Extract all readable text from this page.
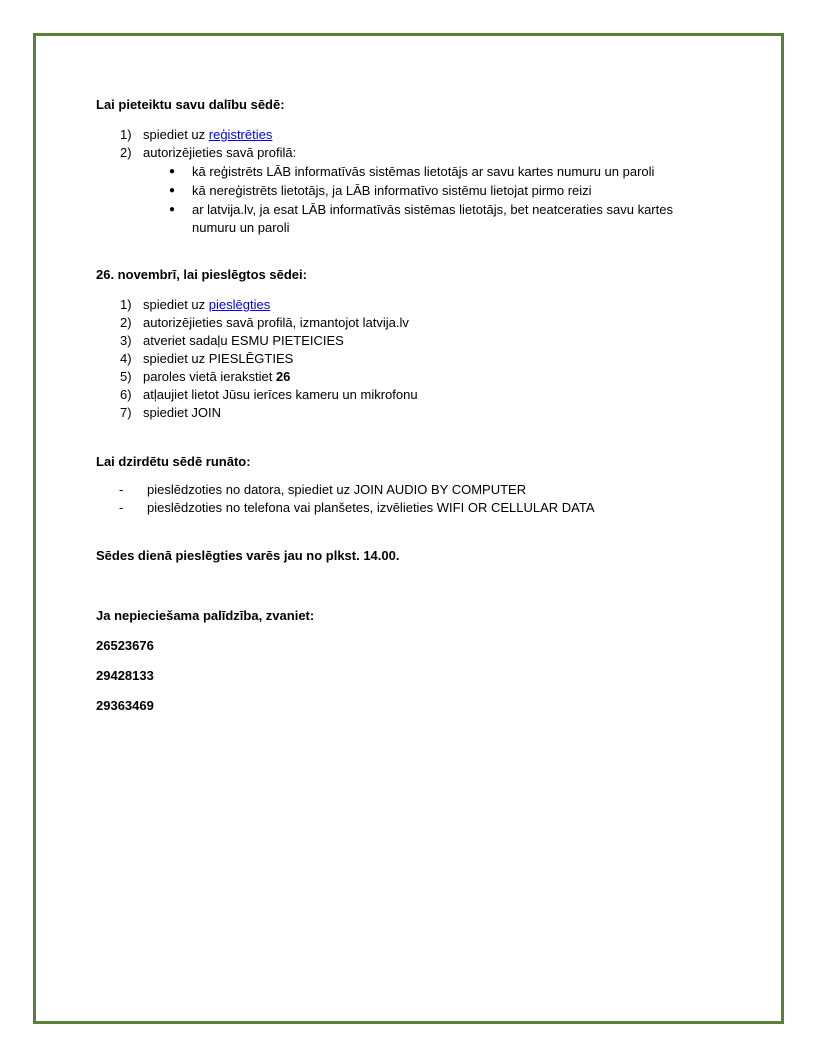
Lai pieteiktu savu dalību sēdē:
1) spiediet uz reģistrēties
2) autorizējieties savā profilā:
● kā reģistrēts LĀB informatīvās sistēmas lietotājs ar savu kartes numuru un paroli
● kā nereģistrēts lietotājs, ja LĀB informatīvo sistēmu lietojat pirmo reizi
● ar latvija.lv, ja esat LĀB informatīvās sistēmas lietotājs, bet neatceraties savu kartes
numuru un paroli
26. novembrī, lai pieslēgtos sēdei:
1) spiediet uz pieslēgties
2) autorizējieties savā profilā, izmantojot latvija.lv
3) atveriet sadaļu ESMU PIETEICIES
4) spiediet uz PIESLĒGTIES
5) paroles vietā ierakstiet 26
6) atļaujiet lietot Jūsu ierīces kameru un mikrofonu
7) spiediet JOIN
Lai dzirdētu sēdē runāto:
- pieslēdzoties no datora, spiediet uz JOIN AUDIO BY COMPUTER
- pieslēdzoties no telefona vai planšetes, izvēlieties WIFI OR CELLULAR DATA
Sēdes dienā pieslēgties varēs jau no plkst. 14.00.
Ja nepieciešama palīdzība, zvaniet:
26523676
29428133
29363469
